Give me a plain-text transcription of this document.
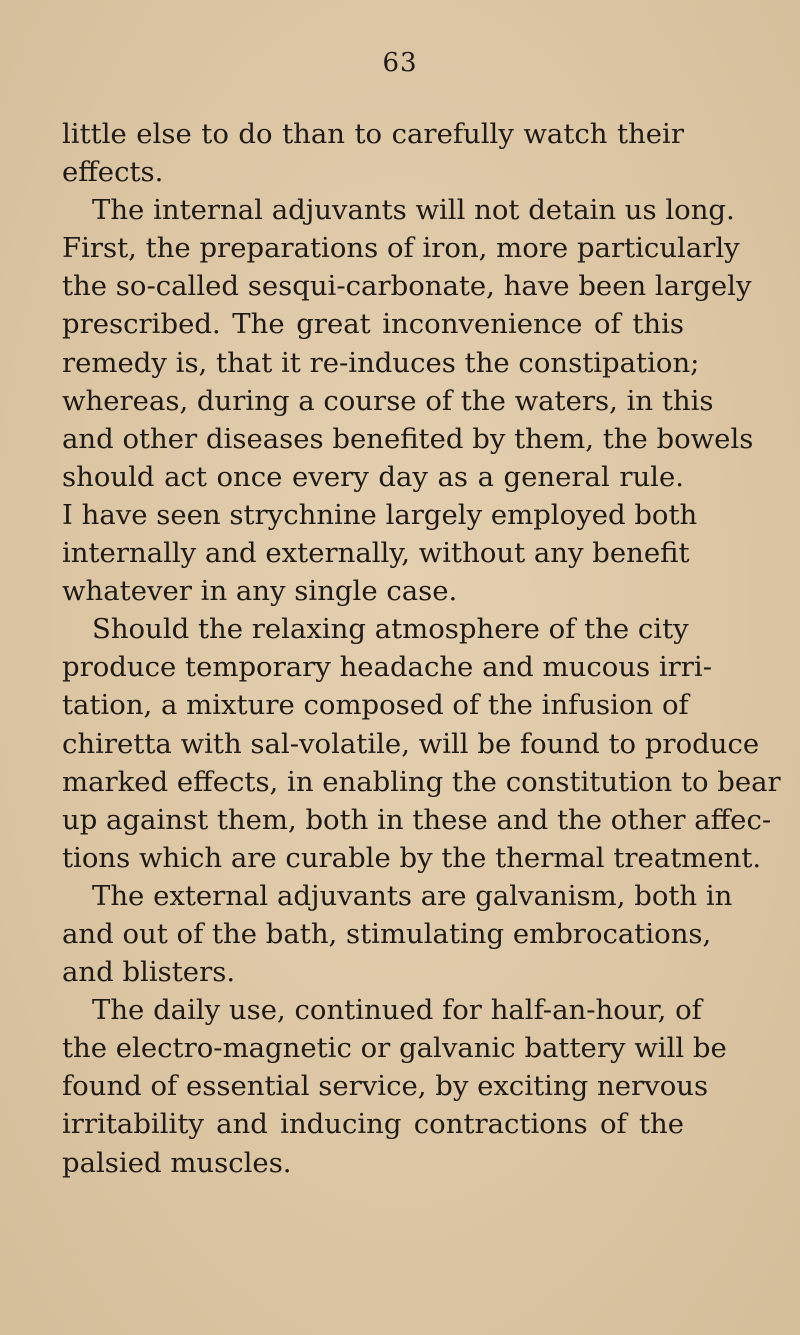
63
little else to do than to carefully watch their
effects.
The internal adjuvants will not detain us long.
First, the preparations of iron, more particularly
the so-called sesqui-carbonate, have been largely
prescribed. The great inconvenience of this
remedy is, that it re-induces the constipation;
whereas, during a course of the waters, in this
and other diseases benefited by them, the bowels
should act once every day as a general rule.
I have seen strychnine largely employed both
internally and externally, without any benefit
whatever in any single case.
Should the relaxing atmosphere of the city
produce temporary headache and mucous irri-
tation, a mixture composed of the infusion of
chiretta with sal-volatile, will be found to produce
marked effects, in enabling the constitution to bear
up against them, both in these and the other affec-
tions which are curable by the thermal treatment.
The external adjuvants are galvanism, both in
and out of the bath, stimulating embrocations,
and blisters.
The daily use, continued for half-an-hour, of
the electro-magnetic or galvanic battery will be
found of essential service, by exciting nervous
irritability and inducing contractions of the
palsied muscles.
